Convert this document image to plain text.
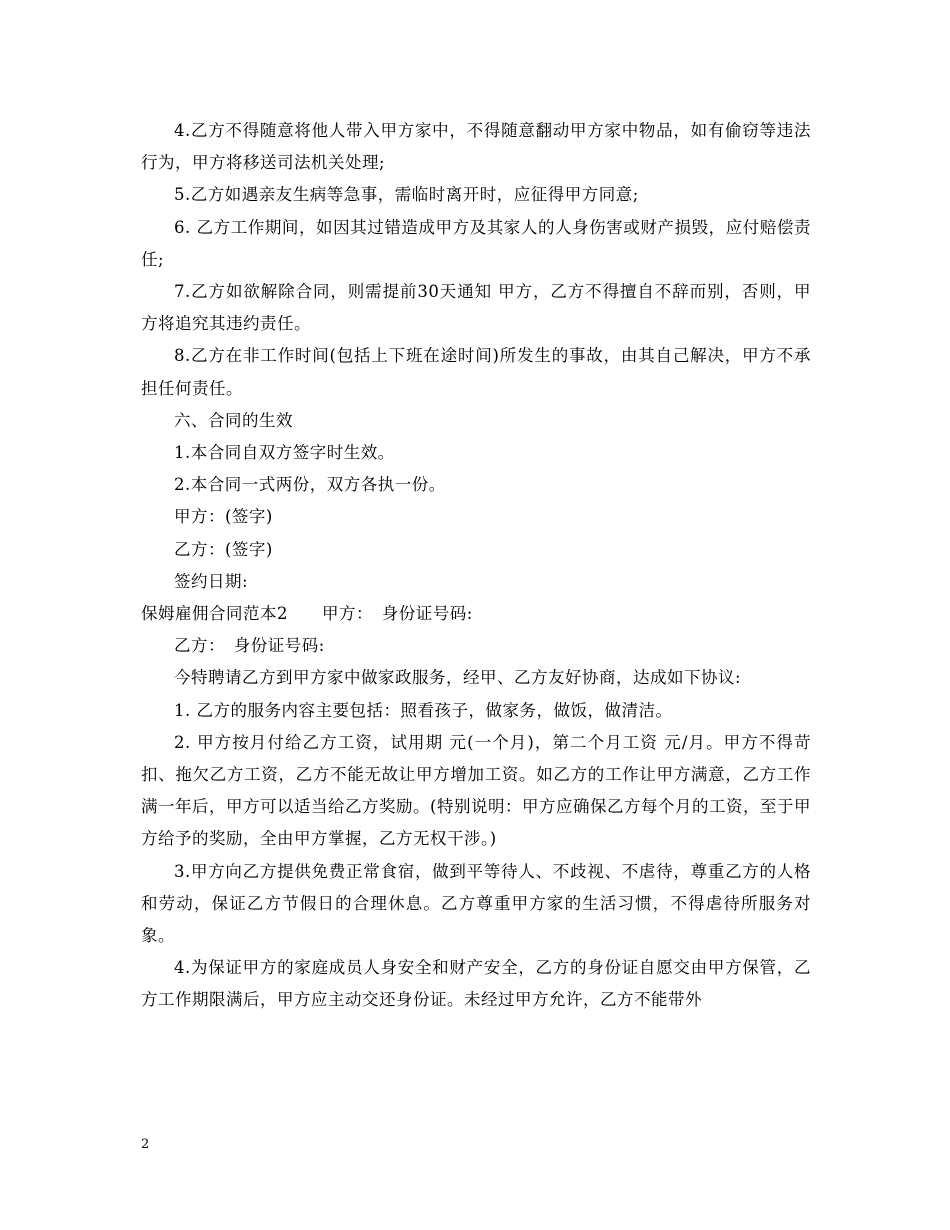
4.乙方不得随意将他人带入甲方家中，不得随意翻动甲方家中物品，如有偷窃等违法行为，甲方将移送司法机关处理;

5.乙方如遇亲友生病等急事，需临时离开时，应征得甲方同意;

6. 乙方工作期间，如因其过错造成甲方及其家人的人身伤害或财产损毁，应付赔偿责任;

7.乙方如欲解除合同，则需提前30天通知 甲方，乙方不得擅自不辞而别，否则，甲方将追究其违约责任。

8.乙方在非工作时间(包括上下班在途时间)所发生的事故，由其自己解决，甲方不承担任何责任。

六、合同的生效

1.本合同自双方签字时生效。

2.本合同一式两份，双方各执一份。

甲方：(签字)

乙方：(签字)

签约日期:

保姆雇佣合同范本2　　甲方：　身份证号码:

乙方：　身份证号码:

今特聘请乙方到甲方家中做家政服务，经甲、乙方友好协商，达成如下协议:

1. 乙方的服务内容主要包括：照看孩子，做家务，做饭，做清洁。

2. 甲方按月付给乙方工资，试用期 元(一个月)，第二个月工资 元/月。甲方不得苛扣、拖欠乙方工资，乙方不能无故让甲方增加工资。如乙方的工作让甲方满意，乙方工作满一年后，甲方可以适当给乙方奖励。(特别说明：甲方应确保乙方每个月的工资，至于甲方给予的奖励，全由甲方掌握，乙方无权干涉。)

3.甲方向乙方提供免费正常食宿，做到平等待人、不歧视、不虐待，尊重乙方的人格和劳动，保证乙方节假日的合理休息。乙方尊重甲方家的生活习惯，不得虐待所服务对象。

4.为保证甲方的家庭成员人身安全和财产安全，乙方的身份证自愿交由甲方保管，乙方工作期限满后，甲方应主动交还身份证。未经过甲方允许，乙方不能带外

2
